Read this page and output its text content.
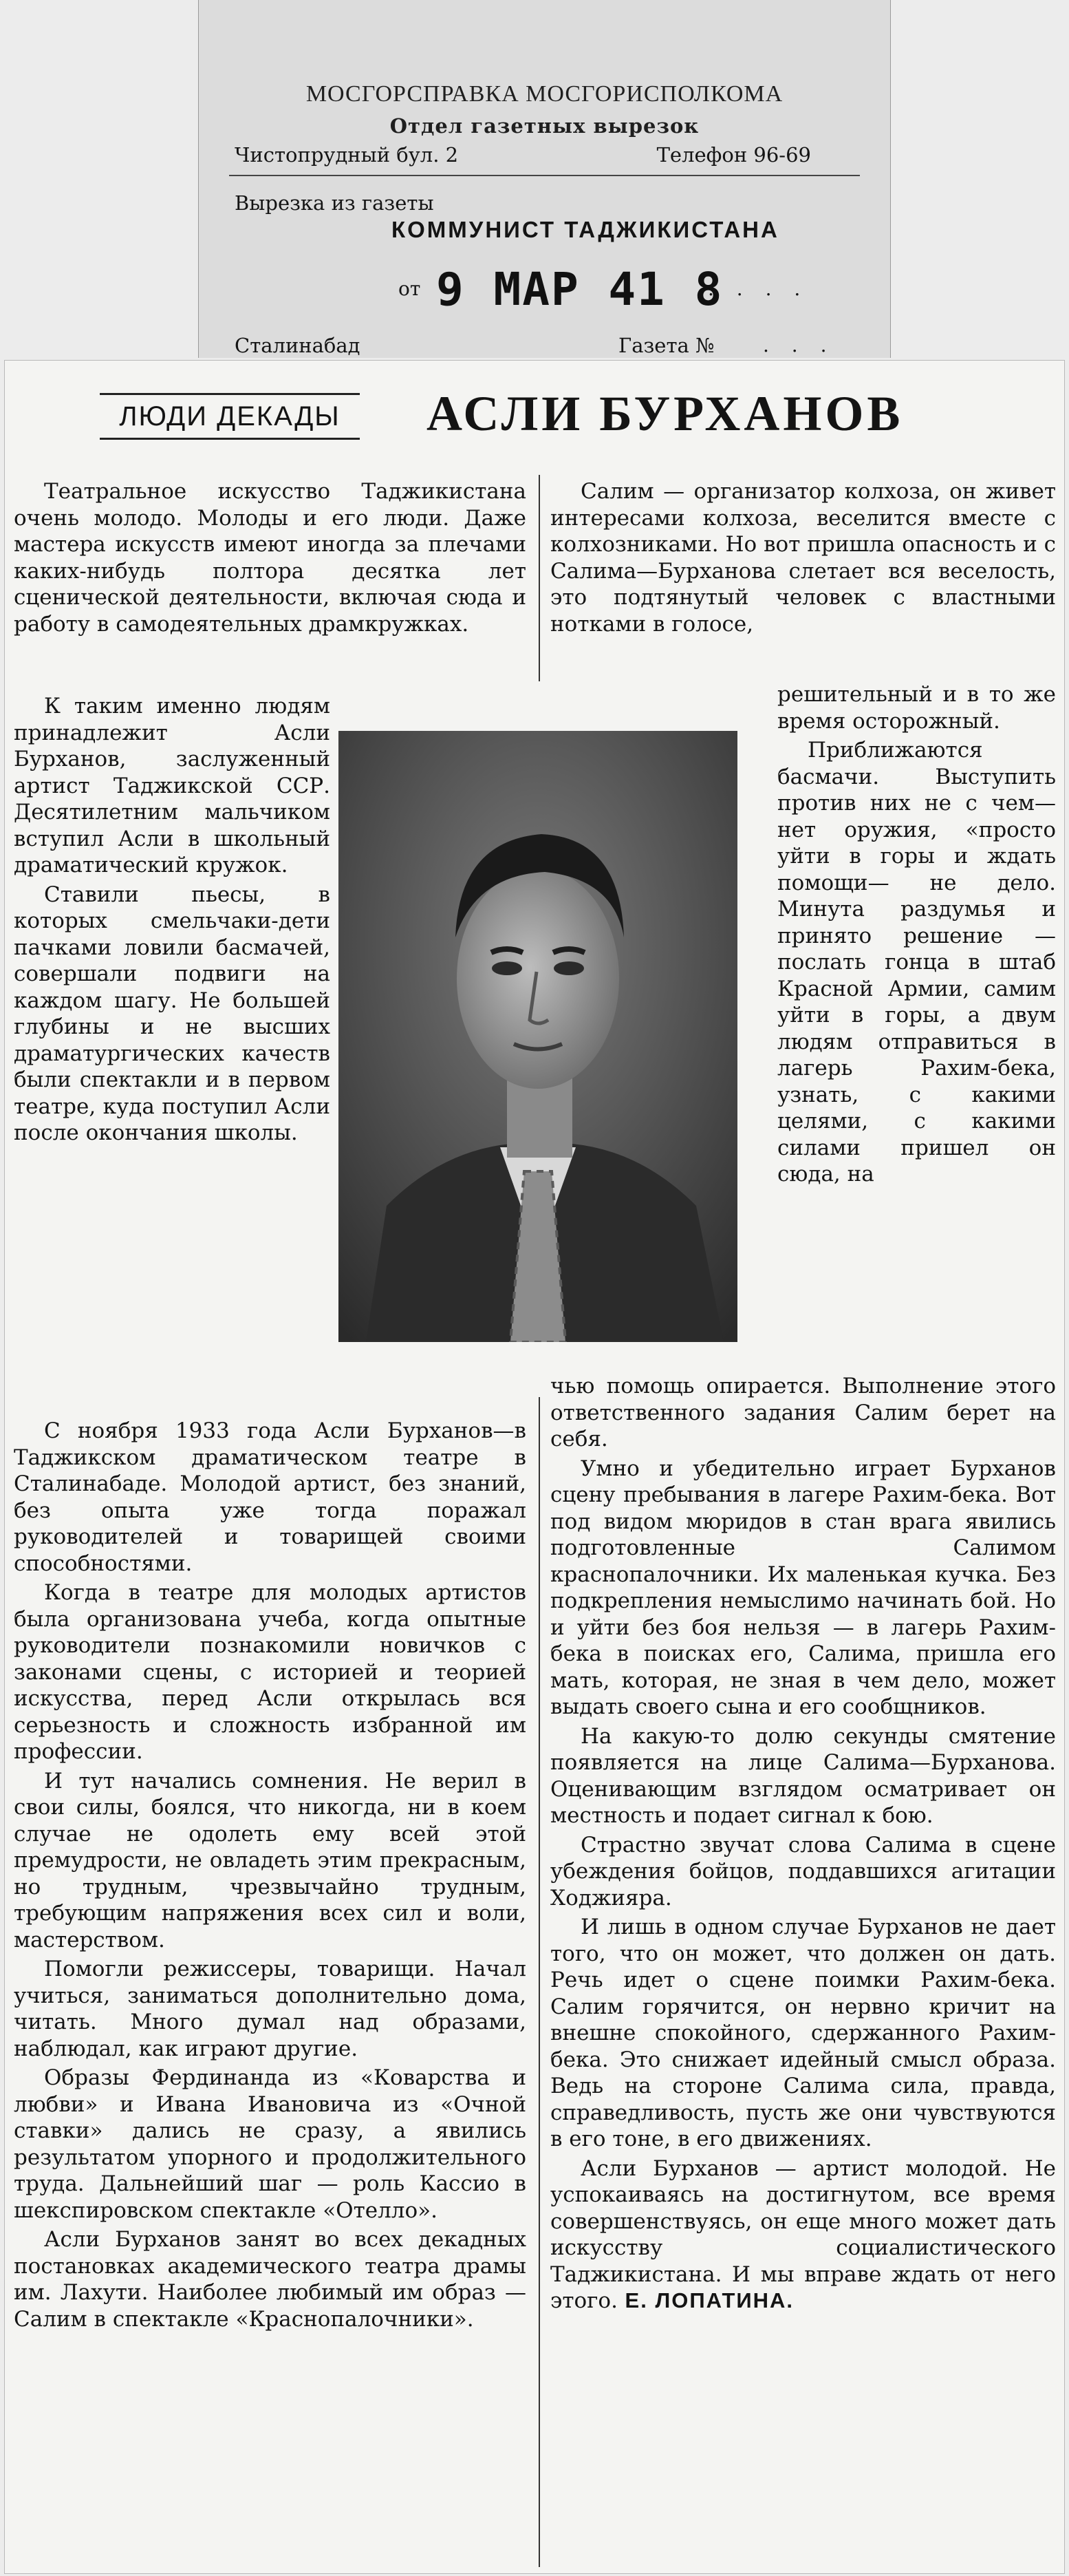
МОСГОРСПРАВКА МОСГОРИСПОЛКОМА
Отдел газетных вырезок
Чистопрудный бул. 2	Телефон 96-69
Вырезка из газеты
КОММУНИСТ ТАДЖИКИСТАНА
от 9 МАР 41 8
. . . .
Сталинабад	Газета №	. . .
ЛЮДИ ДЕКАДЫ	АСЛИ БУРХАНОВ

Театральное искусство Таджикистана очень молодо. Молоды и его люди. Даже мастера искусств имеют иногда за плечами каких-нибудь полтора десятка лет сценической деятельности, включая сюда и работу в самодеятельных драмкружках.

К таким именно людям принадлежит Асли Бурханов, заслуженный артист Таджикской ССР. Десятилетним мальчиком вступил Асли в школьный драматический кружок.

Ставили пьесы, в которых смельчаки-дети пачками ловили басмачей, совершали подвиги на каждом шагу. Не большей глубины и не высших драматургических качеств были спектакли и в первом театре, куда поступил Асли после окончания школы.

С ноября 1933 года Асли Бурханов—в Таджикском драматическом театре в Сталинабаде. Молодой артист, без знаний, без опыта уже тогда поражал руководителей и товарищей своими способностями.

Когда в театре для молодых артистов была организована учеба, когда опытные руководители познакомили новичков с законами сцены, с историей и теорией искусства, перед Асли открылась вся серьезность и сложность избранной им профессии.

И тут начались сомнения. Не верил в свои силы, боялся, что никогда, ни в коем случае не одолеть ему всей этой премудрости, не овладеть этим прекрасным, но трудным, чрезвычайно трудным, требующим напряжения всех сил и воли, мастерством.

Помогли режиссеры, товарищи. Начал учиться, заниматься дополнительно дома, читать. Много думал над образами, наблюдал, как играют другие.

Образы Фердинанда из «Коварства и любви» и Ивана Ивановича из «Очной ставки» дались не сразу, а явились результатом упорного и продолжительного труда. Дальнейший шаг — роль Кассио в шекспировском спектакле «Отелло».

Асли Бурханов занят во всех декадных постановках академического театра драмы им. Лахути. Наиболее любимый им образ — Салим в спектакле «Краснопалочники».

Салим — организатор колхоза, он живет интересами колхоза, веселится вместе с колхозниками. Но вот пришла опасность и с Салима—Бурханова слетает вся веселость, это подтянутый человек с властными нотками в голосе,

решительный и в то же время осторожный.

Приближаются басмачи. Выступить против них не с чем—нет оружия, «просто уйти в горы и ждать помощи— не дело. Минута раздумья и принято решение —послать гонца в штаб Красной Армии, самим уйти в горы, а двум людям отправиться в лагерь Рахим-бека, узнать, с какими целями, с какими силами пришел он сюда, на

чью помощь опирается. Выполнение этого ответственного задания Салим берет на себя.

Умно и убедительно играет Бурханов сцену пребывания в лагере Рахим-бека. Вот под видом мюридов в стан врага явились подготовленные Салимом краснопалочники. Их маленькая кучка. Без подкрепления немыслимо начинать бой. Но и уйти без боя нельзя — в лагерь Рахим-бека в поисках его, Салима, пришла его мать, которая, не зная в чем дело, может выдать своего сына и его сообщников.

На какую-то долю секунды смятение появляется на лице Салима—Бурханова. Оценивающим взглядом осматривает он местность и подает сигнал к бою.

Страстно звучат слова Салима в сцене убеждения бойцов, поддавшихся агитации Ходжияра.

И лишь в одном случае Бурханов не дает того, что он может, что должен он дать. Речь идет о сцене поимки Рахим-бека. Салим горячится, он нервно кричит на внешне спокойного, сдержанного Рахим-бека. Это снижает идейный смысл образа. Ведь на стороне Салима сила, правда, справедливость, пусть же они чувствуются в его тоне, в его движениях.

Асли Бурханов — артист молодой. Не успокаиваясь на достигнутом, все время совершенствуясь, он еще много может дать искусству социалистического Таджикистана. И мы вправе ждать от него этого. Е. ЛОПАТИНА.
